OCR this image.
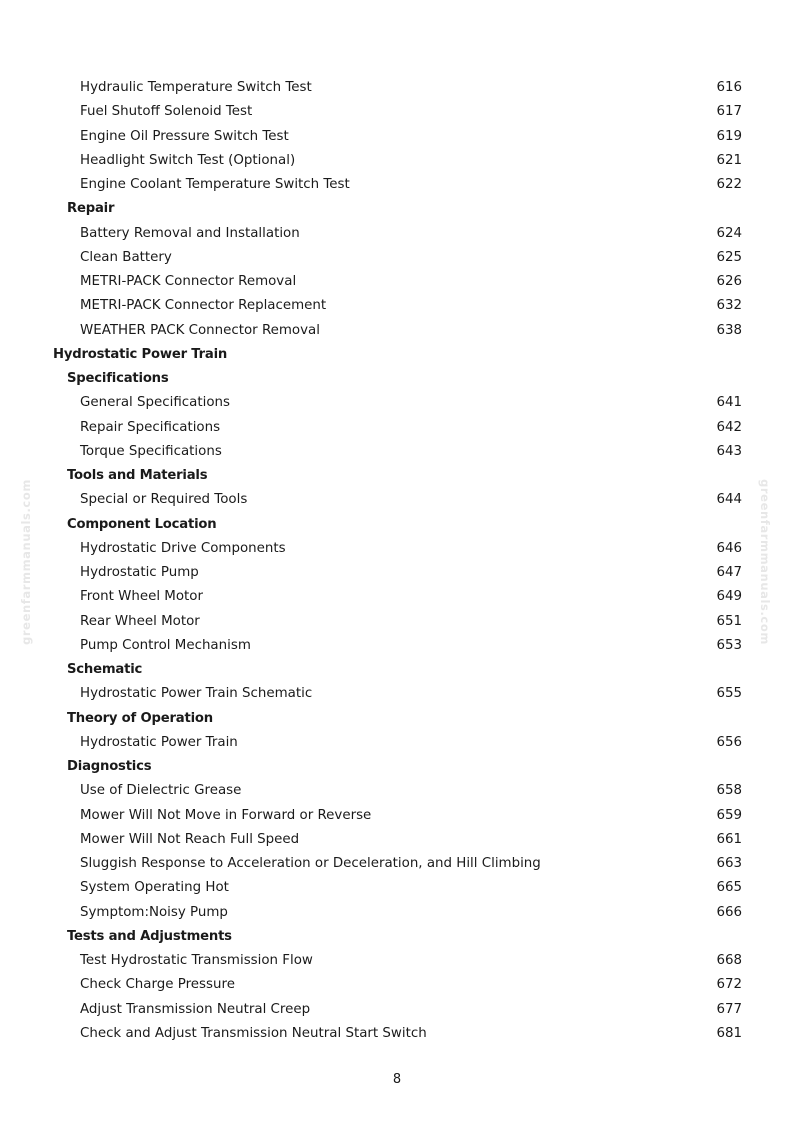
Hydraulic Temperature Switch Test	616
Fuel Shutoff Solenoid Test	617
Engine Oil Pressure Switch Test	619
Headlight Switch Test (Optional)	621
Engine Coolant Temperature Switch Test	622
Repair
Battery Removal and Installation	624
Clean Battery	625
METRI-PACK Connector Removal	626
METRI-PACK Connector Replacement	632
WEATHER PACK Connector Removal	638
Hydrostatic Power Train
Specifications
General Specifications	641
Repair Specifications	642
Torque Specifications	643
Tools and Materials
Special or Required Tools	644
Component Location
Hydrostatic Drive Components	646
Hydrostatic Pump	647
Front Wheel Motor	649
Rear Wheel Motor	651
Pump Control Mechanism	653
Schematic
Hydrostatic Power Train Schematic	655
Theory of Operation
Hydrostatic Power Train	656
Diagnostics
Use of Dielectric Grease	658
Mower Will Not Move in Forward or Reverse	659
Mower Will Not Reach Full Speed	661
Sluggish Response to Acceleration or Deceleration, and Hill Climbing	663
System Operating Hot	665
Symptom:Noisy Pump	666
Tests and Adjustments
Test Hydrostatic Transmission Flow	668
Check Charge Pressure	672
Adjust Transmission Neutral Creep	677
Check and Adjust Transmission Neutral Start Switch	681
8
greenfarmmanuals.com	greenfarmmanuals.com
